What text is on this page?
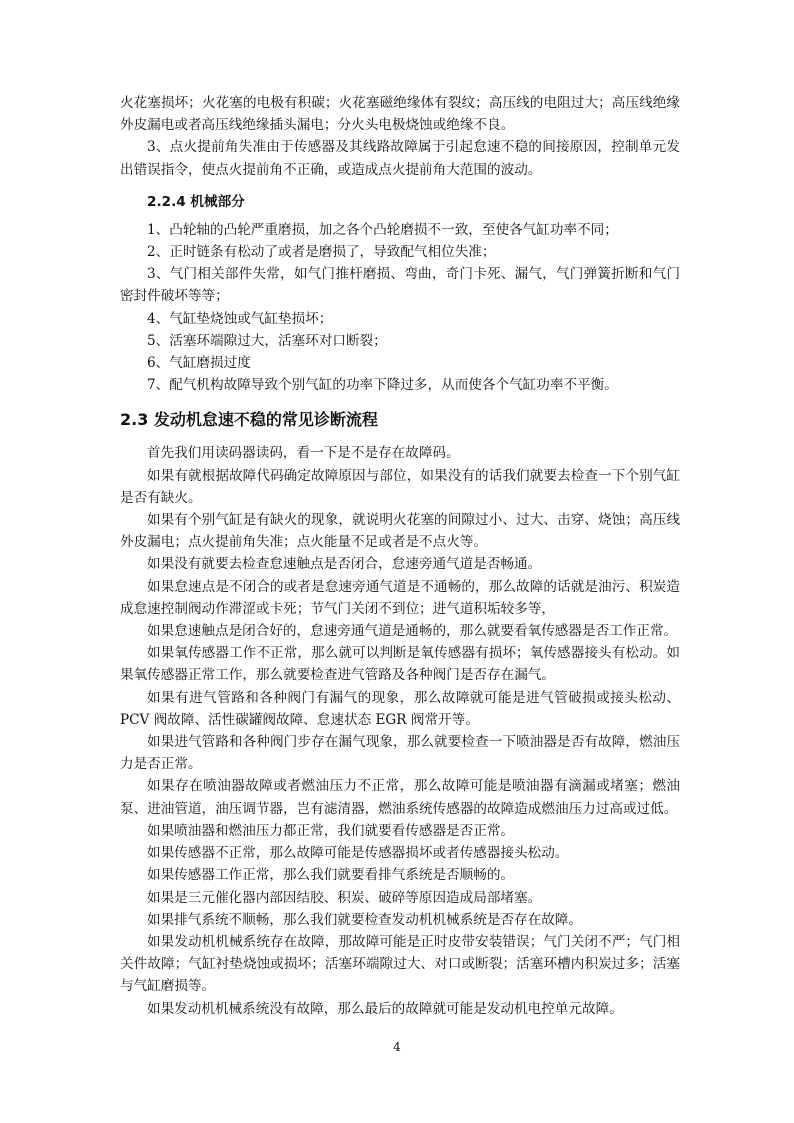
火花塞损坏；火花塞的电极有积碳；火花塞磁绝缘体有裂纹；高压线的电阻过大；高压线绝缘外皮漏电或者高压线绝缘插头漏电；分火头电极烧蚀或绝缘不良。

3、点火提前角失准由于传感器及其线路故障属于引起怠速不稳的间接原因，控制单元发出错误指令，使点火提前角不正确，或造成点火提前角大范围的波动。

2.2.4 机械部分

1、凸轮轴的凸轮严重磨损，加之各个凸轮磨损不一致，至使各气缸功率不同；

2、正时链条有松动了或者是磨损了，导致配气相位失准；

3、气门相关部件失常，如气门推杆磨损、弯曲，奇门卡死、漏气，气门弹簧折断和气门密封件破坏等等；

4、气缸垫烧蚀或气缸垫损坏；

5、活塞环端隙过大，活塞环对口断裂；

6、气缸磨损过度

7、配气机构故障导致个别气缸的功率下降过多，从而使各个气缸功率不平衡。

2.3 发动机怠速不稳的常见诊断流程

首先我们用读码器读码，看一下是不是存在故障码。

如果有就根据故障代码确定故障原因与部位，如果没有的话我们就要去检查一下个别气缸是否有缺火。

如果有个别气缸是有缺火的现象，就说明火花塞的间隙过小、过大、击穿、烧蚀；高压线外皮漏电；点火提前角失准；点火能量不足或者是不点火等。

如果没有就要去检查怠速触点是否闭合，怠速旁通气道是否畅通。

如果怠速点是不闭合的或者是怠速旁通气道是不通畅的，那么故障的话就是油污、积炭造成怠速控制阀动作滞涩或卡死；节气门关闭不到位；进气道积垢较多等，

如果怠速触点是闭合好的，怠速旁通气道是通畅的，那么就要看氧传感器是否工作正常。

如果氧传感器工作不正常，那么就可以判断是氧传感器有损坏；氧传感器接头有松动。如果氧传感器正常工作，那么就要检查进气管路及各种阀门是否存在漏气。

如果有进气管路和各种阀门有漏气的现象，那么故障就可能是进气管破损或接头松动、PCV 阀故障、活性碳罐阀故障、怠速状态 EGR 阀常开等。

如果进气管路和各种阀门步存在漏气现象，那么就要检查一下喷油器是否有故障，燃油压力是否正常。

如果存在喷油器故障或者燃油压力不正常，那么故障可能是喷油器有滴漏或堵塞；燃油泵、进油管道，油压调节器，岂有滤清器，燃油系统传感器的故障造成燃油压力过高或过低。

如果喷油器和燃油压力都正常，我们就要看传感器是否正常。

如果传感器不正常，那么故障可能是传感器损坏或者传感器接头松动。

如果传感器工作正常，那么我们就要看排气系统是否顺畅的。

如果是三元催化器内部因结胶、积炭、破碎等原因造成局部堵塞。

如果排气系统不顺畅，那么我们就要检查发动机机械系统是否存在故障。

如果发动机机械系统存在故障，那故障可能是正时皮带安装错误；气门关闭不严；气门相关件故障；气缸衬垫烧蚀或损坏；活塞环端隙过大、对口或断裂；活塞环槽内积炭过多；活塞与气缸磨损等。

如果发动机机械系统没有故障，那么最后的故障就可能是发动机电控单元故障。

4
